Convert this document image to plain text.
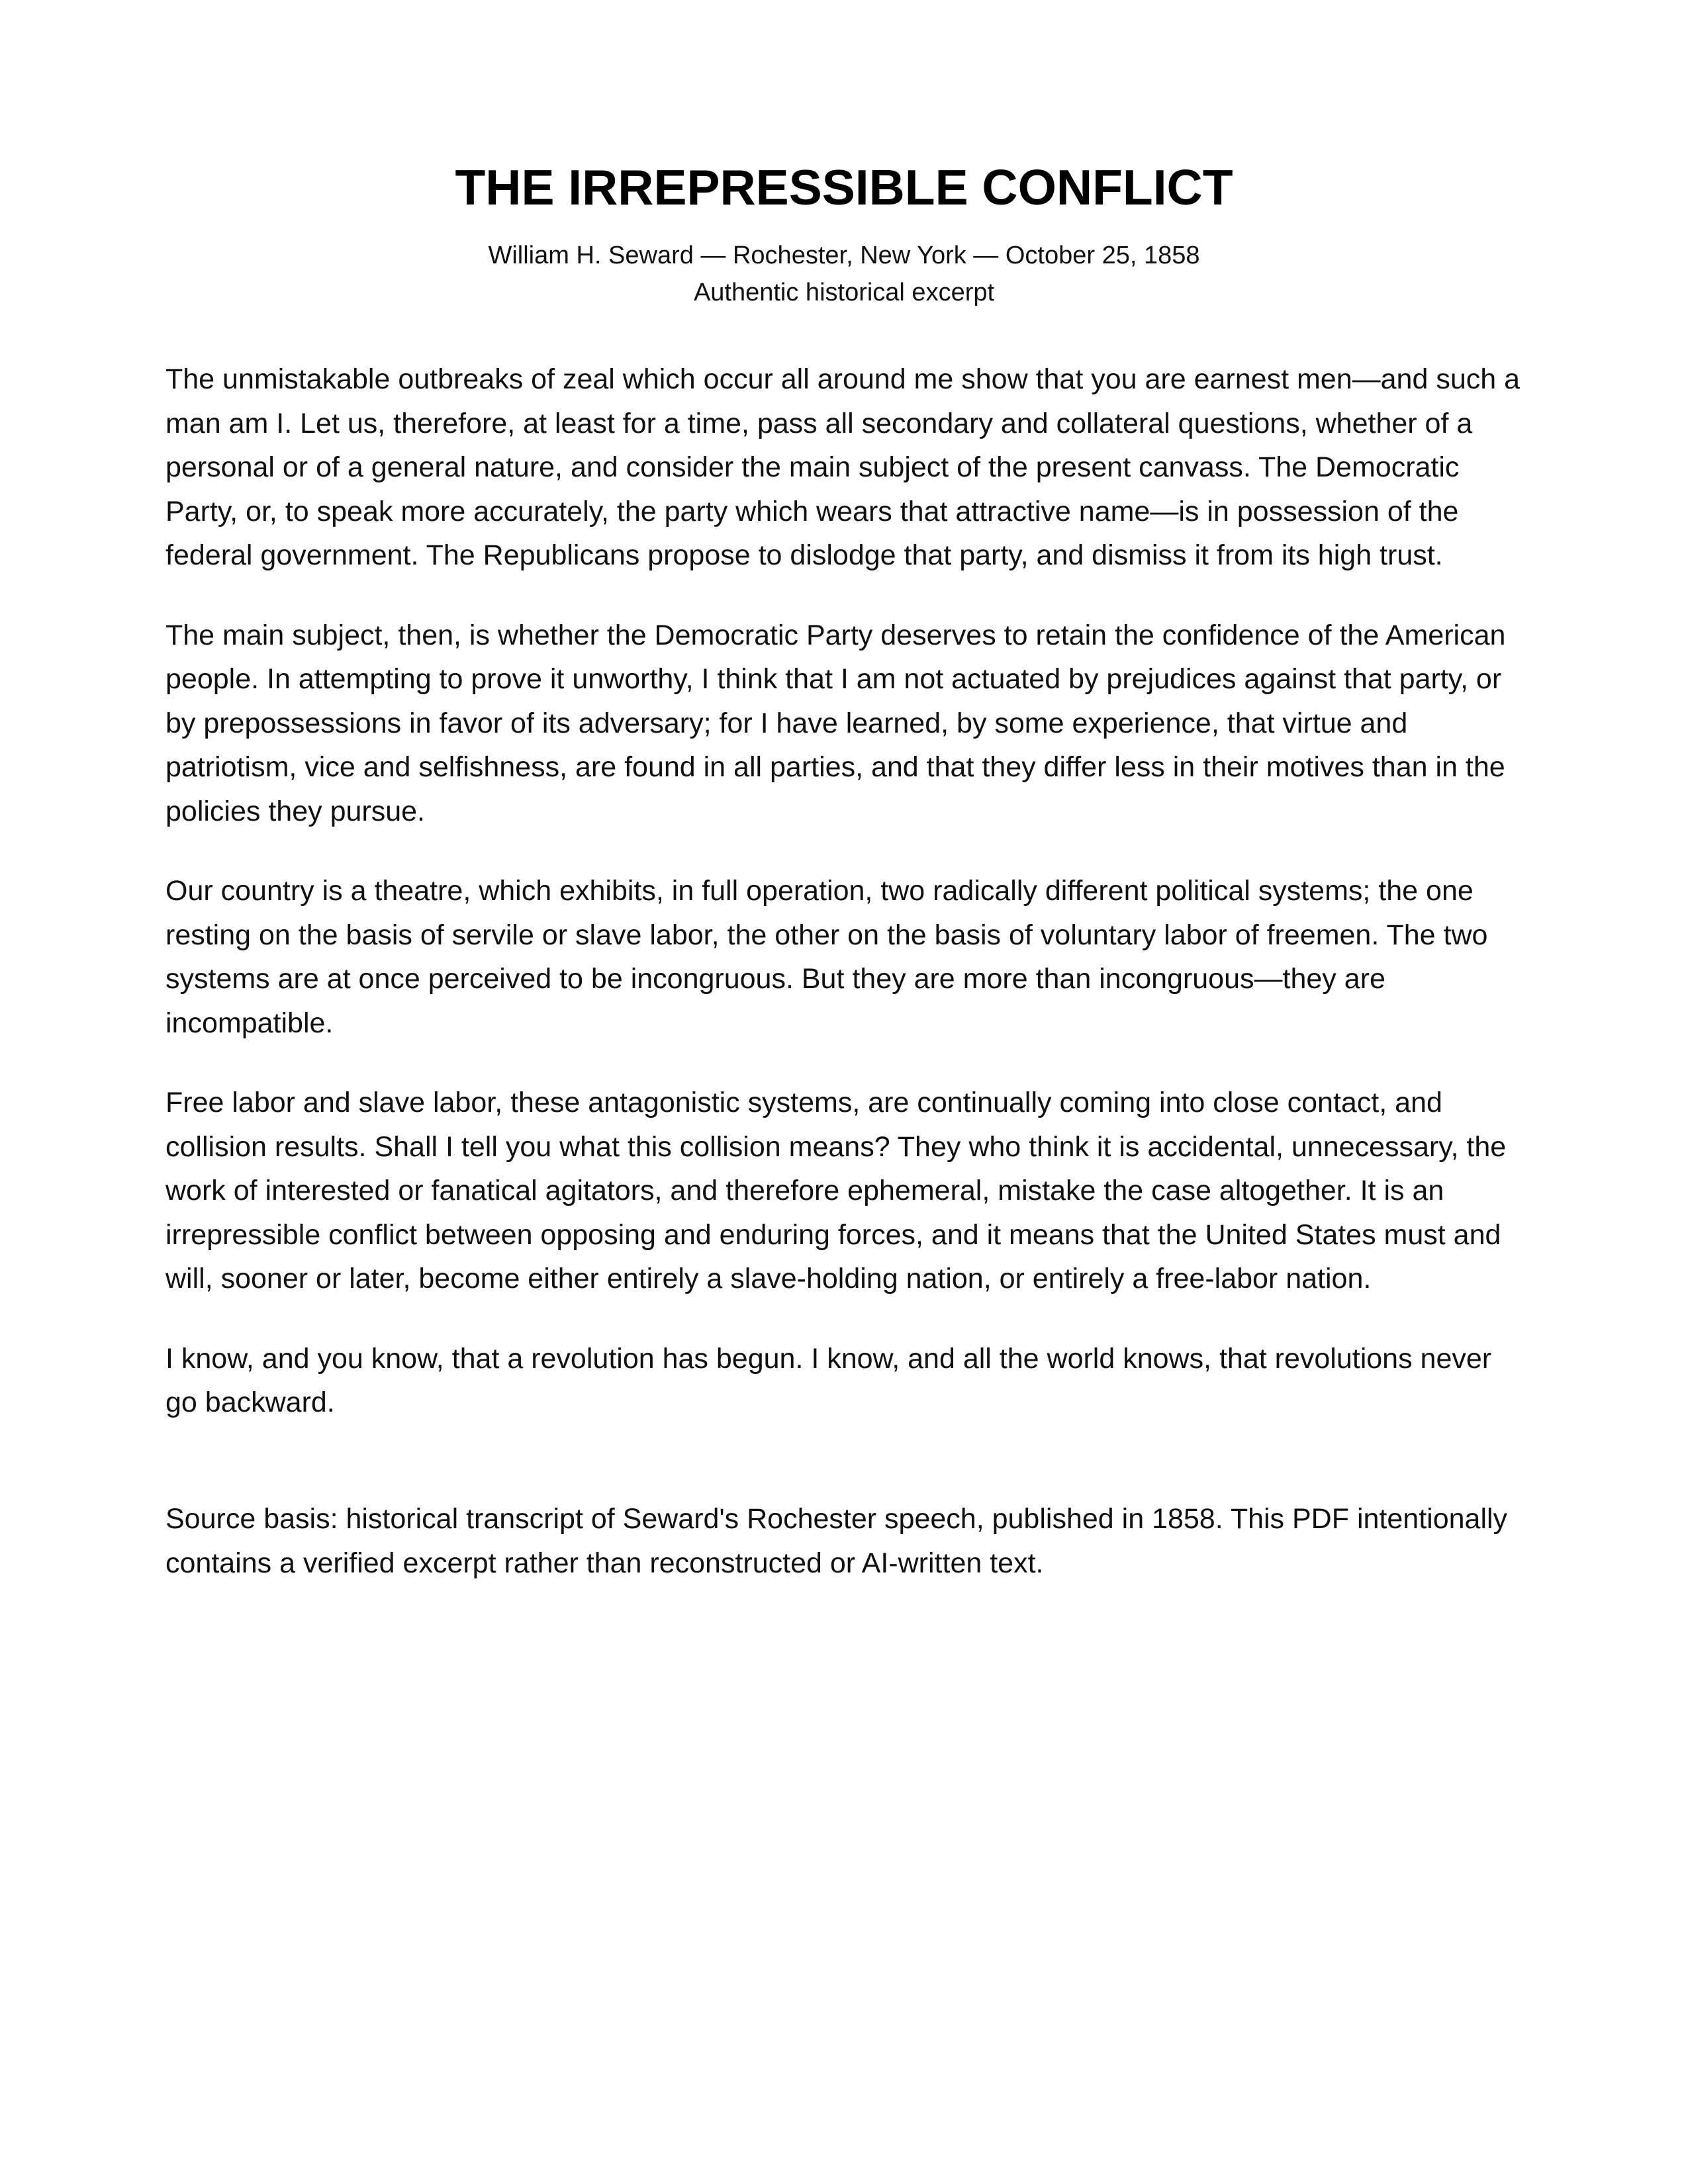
THE IRREPRESSIBLE CONFLICT
William H. Seward — Rochester, New York — October 25, 1858
Authentic historical excerpt

The unmistakable outbreaks of zeal which occur all around me show that you are earnest men—and such a man am I. Let us, therefore, at least for a time, pass all secondary and collateral questions, whether of a personal or of a general nature, and consider the main subject of the present canvass. The Democratic Party, or, to speak more accurately, the party which wears that attractive name—is in possession of the federal government. The Republicans propose to dislodge that party, and dismiss it from its high trust.

The main subject, then, is whether the Democratic Party deserves to retain the confidence of the American people. In attempting to prove it unworthy, I think that I am not actuated by prejudices against that party, or by prepossessions in favor of its adversary; for I have learned, by some experience, that virtue and patriotism, vice and selfishness, are found in all parties, and that they differ less in their motives than in the policies they pursue.

Our country is a theatre, which exhibits, in full operation, two radically different political systems; the one resting on the basis of servile or slave labor, the other on the basis of voluntary labor of freemen. The two systems are at once perceived to be incongruous. But they are more than incongruous—they are incompatible.

Free labor and slave labor, these antagonistic systems, are continually coming into close contact, and collision results. Shall I tell you what this collision means? They who think it is accidental, unnecessary, the work of interested or fanatical agitators, and therefore ephemeral, mistake the case altogether. It is an irrepressible conflict between opposing and enduring forces, and it means that the United States must and will, sooner or later, become either entirely a slave-holding nation, or entirely a free-labor nation.

I know, and you know, that a revolution has begun. I know, and all the world knows, that revolutions never go backward.

Source basis: historical transcript of Seward's Rochester speech, published in 1858. This PDF intentionally contains a verified excerpt rather than reconstructed or AI-written text.
